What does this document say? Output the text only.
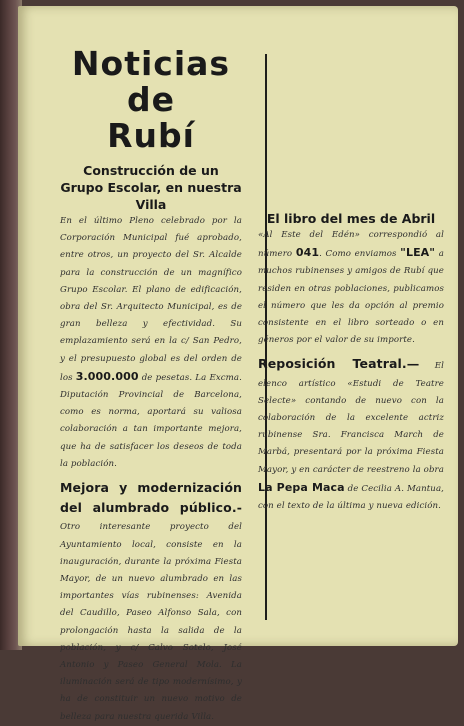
Noticias de
Rubí
Construcción de un Grupo Escolar, en nuestra Villa

En el último Pleno celebrado por la Corporación Municipal fué aprobado, entre otros, un proyecto del Sr. Alcalde para la construcción de un magnífico Grupo Escolar. El plano de edificación, obra del Sr. Arquitecto Municipal, es de gran belleza y efectividad. Su emplazamiento será en la c/ San Pedro, y el presupuesto global es del orden de los 3.000.000 de pesetas. La Excma. Diputación Provincial de Barcelona, como es norma, aportará su valiosa colaboración a tan importante mejora, que ha de satisfacer los deseos de toda la población.

Mejora y modernización del alumbrado público.- Otro interesante proyecto del Ayuntamiento local, consiste en la inauguración, durante la próxima Fiesta Mayor, de un nuevo alumbrado en las importantes vías rubinenses: Avenida del Caudillo, Paseo Alfonso Sala, con prolongación hasta la salida de la población, y c/ Calvo Sotelo, José Antonio y Paseo General Mola. La iluminación será de tipo modernísimo, y ha de constituir un nuevo motivo de belleza para nuestra querida Villa.

El libro del mes de Abril

«Al Este del Edén» correspondió al número 041. Como enviamos "LEA" a muchos rubinenses y amigos de Rubí que residen en otras poblaciones, publicamos el número que les da opción al premio consistente en el libro sorteado o en géneros por el valor de su importe.

Reposición Teatral.— El elenco artístico «Estudi de Teatre Selecte» contando de nuevo con la colaboración de la excelente actriz rubinense Sra. Francisca March de Marbá, presentará por la próxima Fiesta Mayor, y en carácter de reestreno la obra La Pepa Maca de Cecilia A. Mantua, con el texto de la última y nueva edición.
